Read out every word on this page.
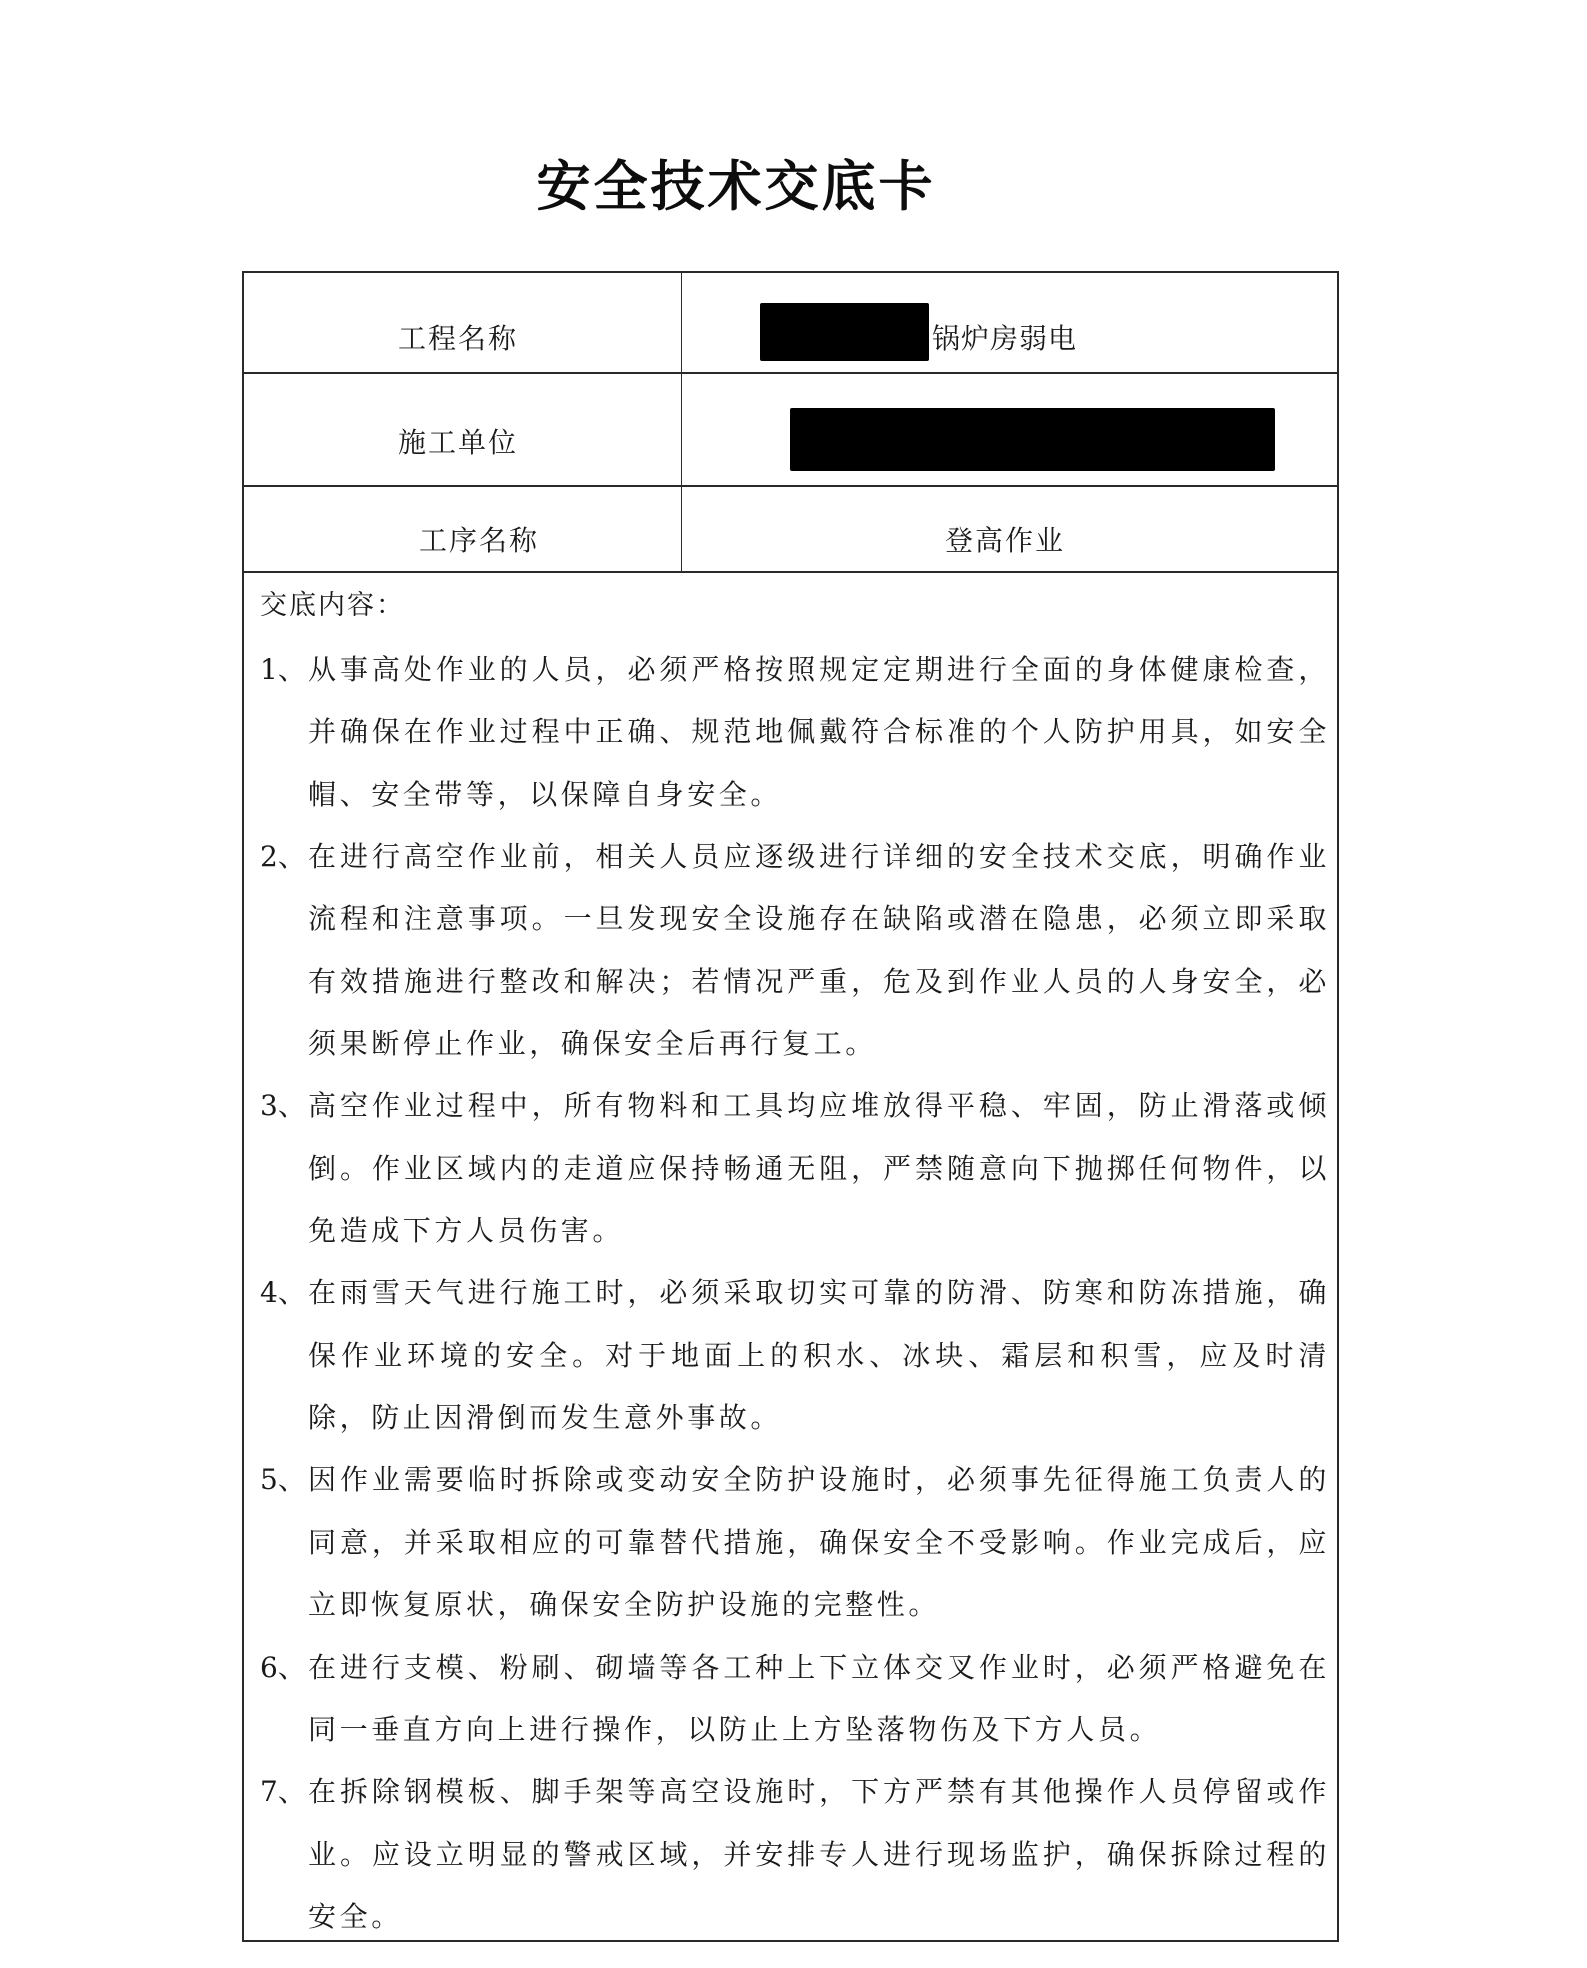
安全技术交底卡
工程名称	锅炉房弱电
施工单位
工序名称	登高作业
交底内容：
1、 从事高处作业的人员，必须严格按照规定定期进行全面的身体健康检查，并确保在作业过程中正确、规范地佩戴符合标准的个人防护用具，如安全帽、安全带等，以保障自身安全。
2、 在进行高空作业前，相关人员应逐级进行详细的安全技术交底，明确作业流程和注意事项。一旦发现安全设施存在缺陷或潜在隐患，必须立即采取有效措施进行整改和解决；若情况严重，危及到作业人员的人身安全，必须果断停止作业，确保安全后再行复工。
3、 高空作业过程中，所有物料和工具均应堆放得平稳、牢固，防止滑落或倾倒。作业区域内的走道应保持畅通无阻，严禁随意向下抛掷任何物件，以免造成下方人员伤害。
4、 在雨雪天气进行施工时，必须采取切实可靠的防滑、防寒和防冻措施，确保作业环境的安全。对于地面上的积水、冰块、霜层和积雪，应及时清除，防止因滑倒而发生意外事故。
5、 因作业需要临时拆除或变动安全防护设施时，必须事先征得施工负责人的同意，并采取相应的可靠替代措施，确保安全不受影响。作业完成后，应立即恢复原状，确保安全防护设施的完整性。
6、 在进行支模、粉刷、砌墙等各工种上下立体交叉作业时，必须严格避免在同一垂直方向上进行操作，以防止上方坠落物伤及下方人员。
7、 在拆除钢模板、脚手架等高空设施时，下方严禁有其他操作人员停留或作业。应设立明显的警戒区域，并安排专人进行现场监护，确保拆除过程的安全。
